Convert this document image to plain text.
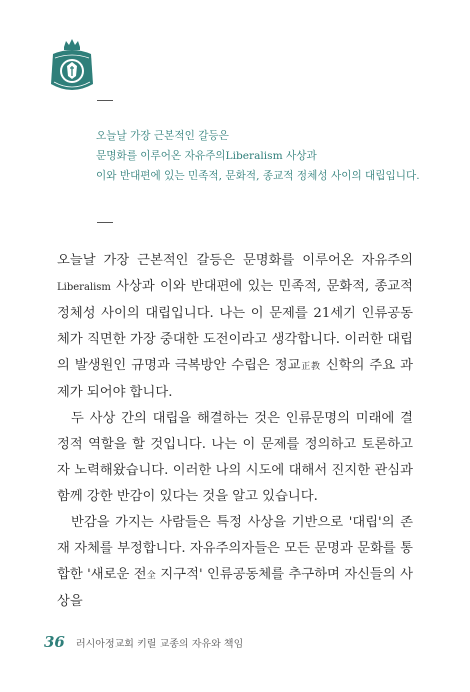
오늘날 가장 근본적인 갈등은
문명화를 이루어온 자유주의Liberalism 사상과
이와 반대편에 있는 민족적, 문화적, 종교적 정체성 사이의 대립입니다.

오늘날 가장 근본적인 갈등은 문명화를 이루어온 자유주의Liberalism 사상과 이와 반대편에 있는 민족적, 문화적, 종교적 정체성 사이의 대립입니다. 나는 이 문제를 21세기 인류공동체가 직면한 가장 중대한 도전이라고 생각합니다. 이러한 대립의 발생원인 규명과 극복방안 수립은 정교正教 신학의 주요 과제가 되어야 합니다.

두 사상 간의 대립을 해결하는 것은 인류문명의 미래에 결정적 역할을 할 것입니다. 나는 이 문제를 정의하고 토론하고자 노력해왔습니다. 이러한 나의 시도에 대해서 진지한 관심과 함께 강한 반감이 있다는 것을 알고 있습니다.

반감을 가지는 사람들은 특정 사상을 기반으로 '대립'의 존재 자체를 부정합니다. 자유주의자들은 모든 문명과 문화를 통합한 '새로운 전全 지구적' 인류공동체를 추구하며 자신들의 사상을

36 러시아정교회 키릴 교종의 자유와 책임
